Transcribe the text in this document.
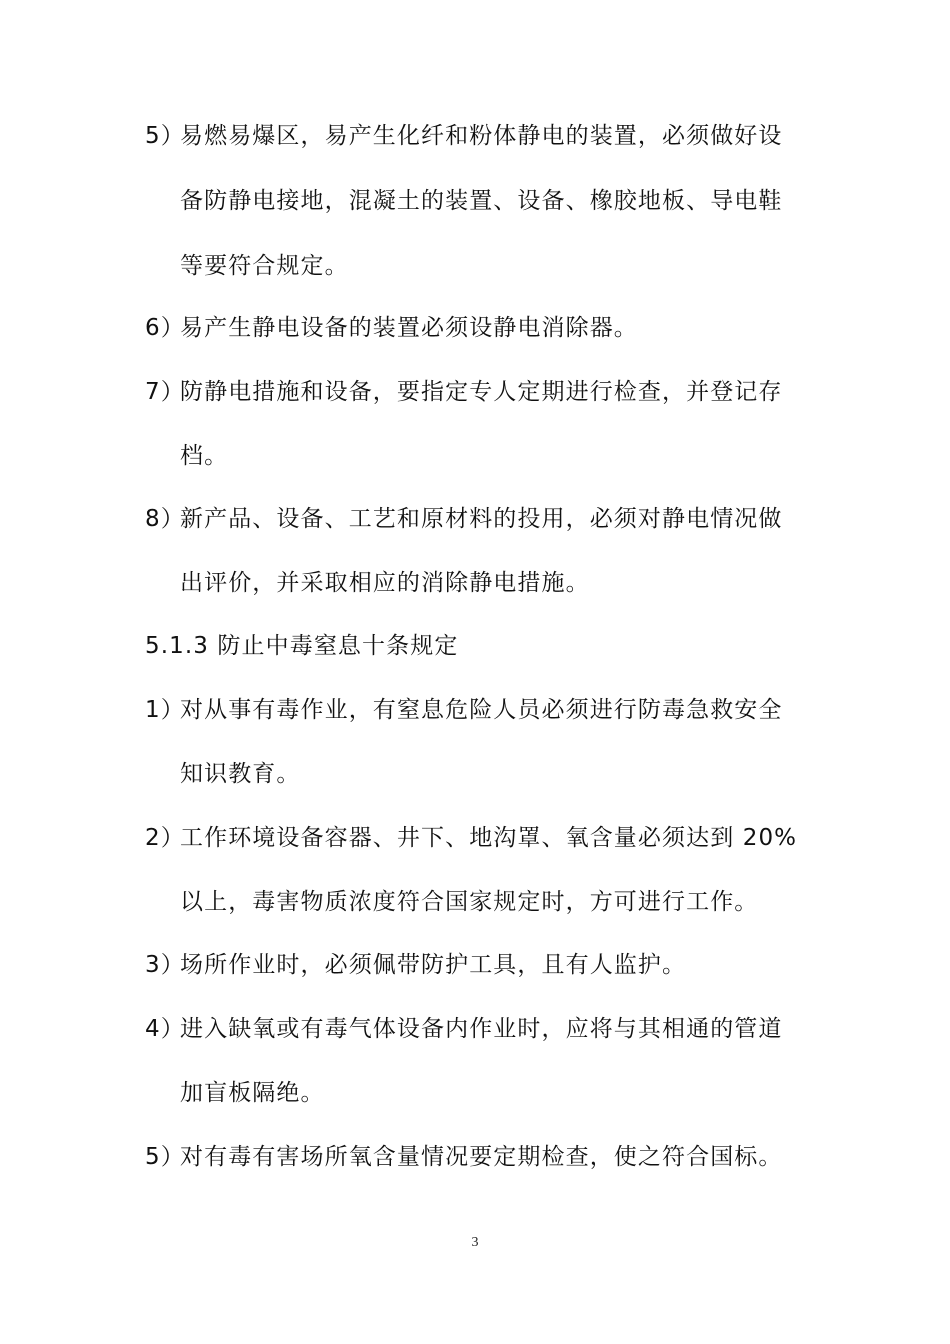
5）
易燃易爆区，易产生化纤和粉体静电的装置，必须做好设
备防静电接地，混凝土的装置、设备、橡胶地板、导电鞋
等要符合规定。
6）
易产生静电设备的装置必须设静电消除器。
7）
防静电措施和设备，要指定专人定期进行检查，并登记存
档。
8）
新产品、设备、工艺和原材料的投用，必须对静电情况做
出评价，并采取相应的消除静电措施。
5.1.3 防止中毒窒息十条规定
1）
对从事有毒作业，有窒息危险人员必须进行防毒急救安全
知识教育。
2）
工作环境设备容器、井下、地沟罩、氧含量必须达到 20%
以上，毒害物质浓度符合国家规定时，方可进行工作。
3）
场所作业时，必须佩带防护工具，且有人监护。
4）
进入缺氧或有毒气体设备内作业时，应将与其相通的管道
加盲板隔绝。
5）
对有毒有害场所氧含量情况要定期检查，使之符合国标。
3
